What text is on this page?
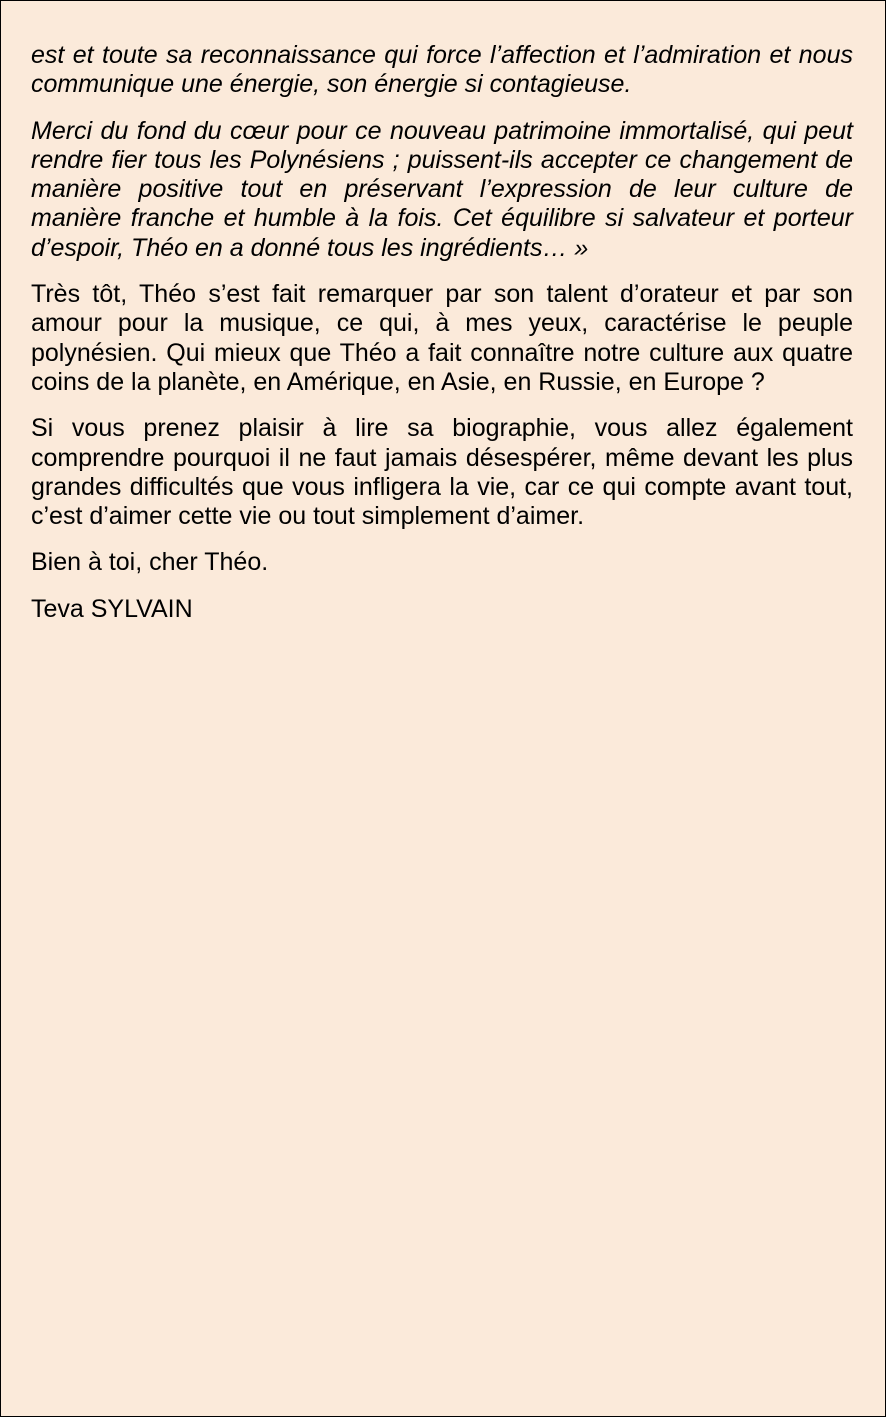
est et toute sa reconnaissance qui force l’affection et l’admiration et nous communique une énergie, son énergie si contagieuse.

Merci du fond du cœur pour ce nouveau patrimoine immortalisé, qui peut rendre fier tous les Polynésiens ; puissent-ils accepter ce changement de manière positive tout en préservant l’expression de leur culture de manière franche et humble à la fois. Cet équilibre si salvateur et porteur d’espoir, Théo en a donné tous les ingrédients… »

Très tôt, Théo s’est fait remarquer par son talent d’orateur et par son amour pour la musique, ce qui, à mes yeux, caractérise le peuple polynésien. Qui mieux que Théo a fait connaître notre culture aux quatre coins de la planète, en Amérique, en Asie, en Russie, en Europe ?

Si vous prenez plaisir à lire sa biographie, vous allez également comprendre pourquoi il ne faut jamais désespérer, même devant les plus grandes difficultés que vous infligera la vie, car ce qui compte avant tout, c’est d’aimer cette vie ou tout simplement d’aimer.

Bien à toi, cher Théo.

Teva SYLVAIN
